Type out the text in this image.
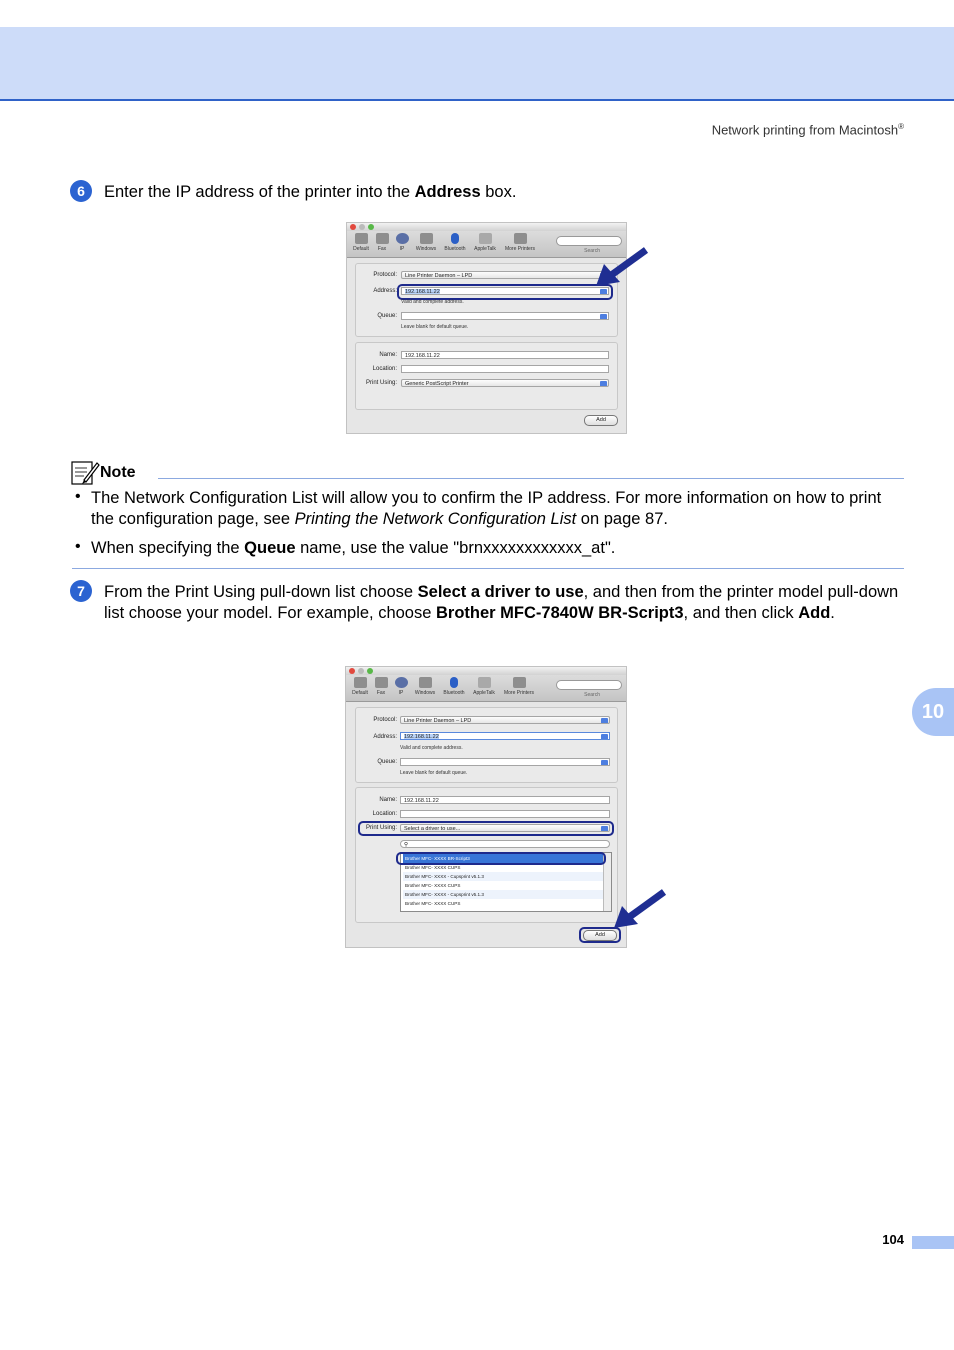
Network printing from Macintosh®
6	Enter the IP address of the printer into the Address box.
Default	Fax	IP	Windows	Bluetooth	AppleTalk	More Printers	Search
Protocol:	Line Printer Daemon – LPD
Address:	192.168.11.22
Valid and complete address.
Queue:
Leave blank for default queue.
Name:	192.168.11.22
Location:
Print Using:	Generic PostScript Printer
Add
Note
• The Network Configuration List will allow you to confirm the IP address. For more information on how to print the configuration page, see Printing the Network Configuration List on page 87.
• When specifying the Queue name, use the value "brnxxxxxxxxxxxx_at".
7	From the Print Using pull-down list choose Select a driver to use, and then from the printer model pull-down list choose your model. For example, choose Brother MFC-7840W BR-Script3, and then click Add.
10
Default	Fax	IP	Windows	Bluetooth	AppleTalk	More Printers	Search
Protocol:	Line Printer Daemon – LPD
Address:	192.168.11.22
Valid and complete address.
Queue:
Leave blank for default queue.
Name:	192.168.11.22
Location:
Print Using:	Select a driver to use...
⚲
Brother MFC- XXXX BR-Script3
Brother MFC- XXXX CUPS
Brother MFC- XXXX - Cupsprint v5.1.3
Brother MFC- XXXX CUPS
Brother MFC- XXXX - Cupsprint v5.1.3
Brother MFC- XXXX CUPS
Add
104
